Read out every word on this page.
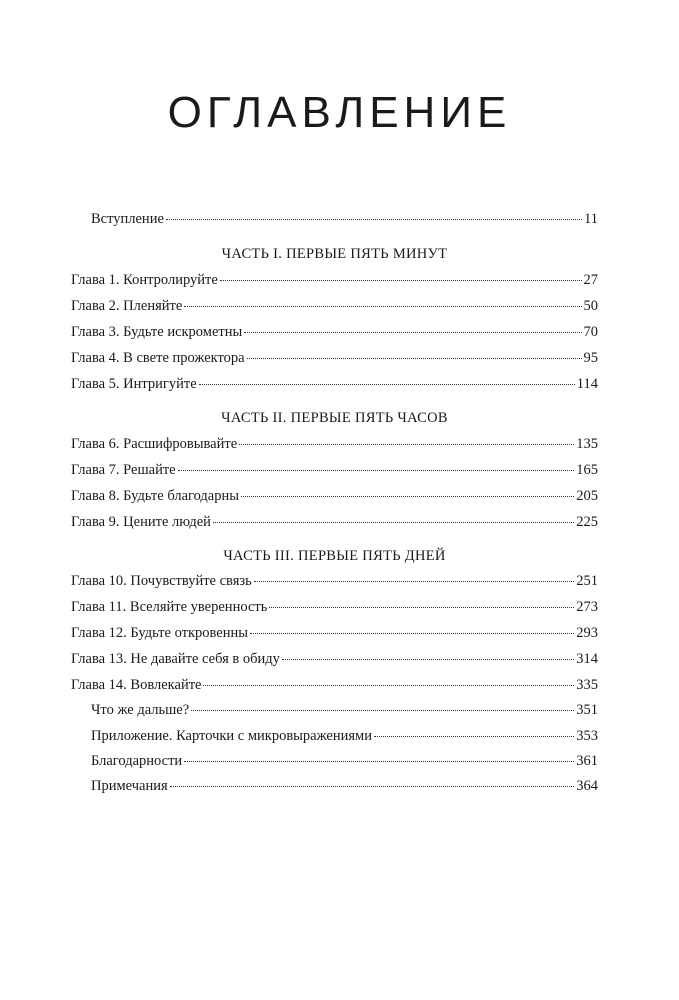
ОГЛАВЛЕНИЕ
Вступление	11
ЧАСТЬ I. ПЕРВЫЕ ПЯТЬ МИНУТ
Глава 1. Контролируйте	27
Глава 2. Пленяйте	50
Глава 3. Будьте искрометны	70
Глава 4. В свете прожектора	95
Глава 5. Интригуйте	114
ЧАСТЬ II. ПЕРВЫЕ ПЯТЬ ЧАСОВ
Глава 6. Расшифровывайте	135
Глава 7. Решайте	165
Глава 8. Будьте благодарны	205
Глава 9. Цените людей	225
ЧАСТЬ III. ПЕРВЫЕ ПЯТЬ ДНЕЙ
Глава 10. Почувствуйте связь	251
Глава 11. Вселяйте уверенность	273
Глава 12. Будьте откровенны	293
Глава 13. Не давайте себя в обиду	314
Глава 14. Вовлекайте	335
Что же дальше?	351
Приложение. Карточки с микровыражениями	353
Благодарности	361
Примечания	364
